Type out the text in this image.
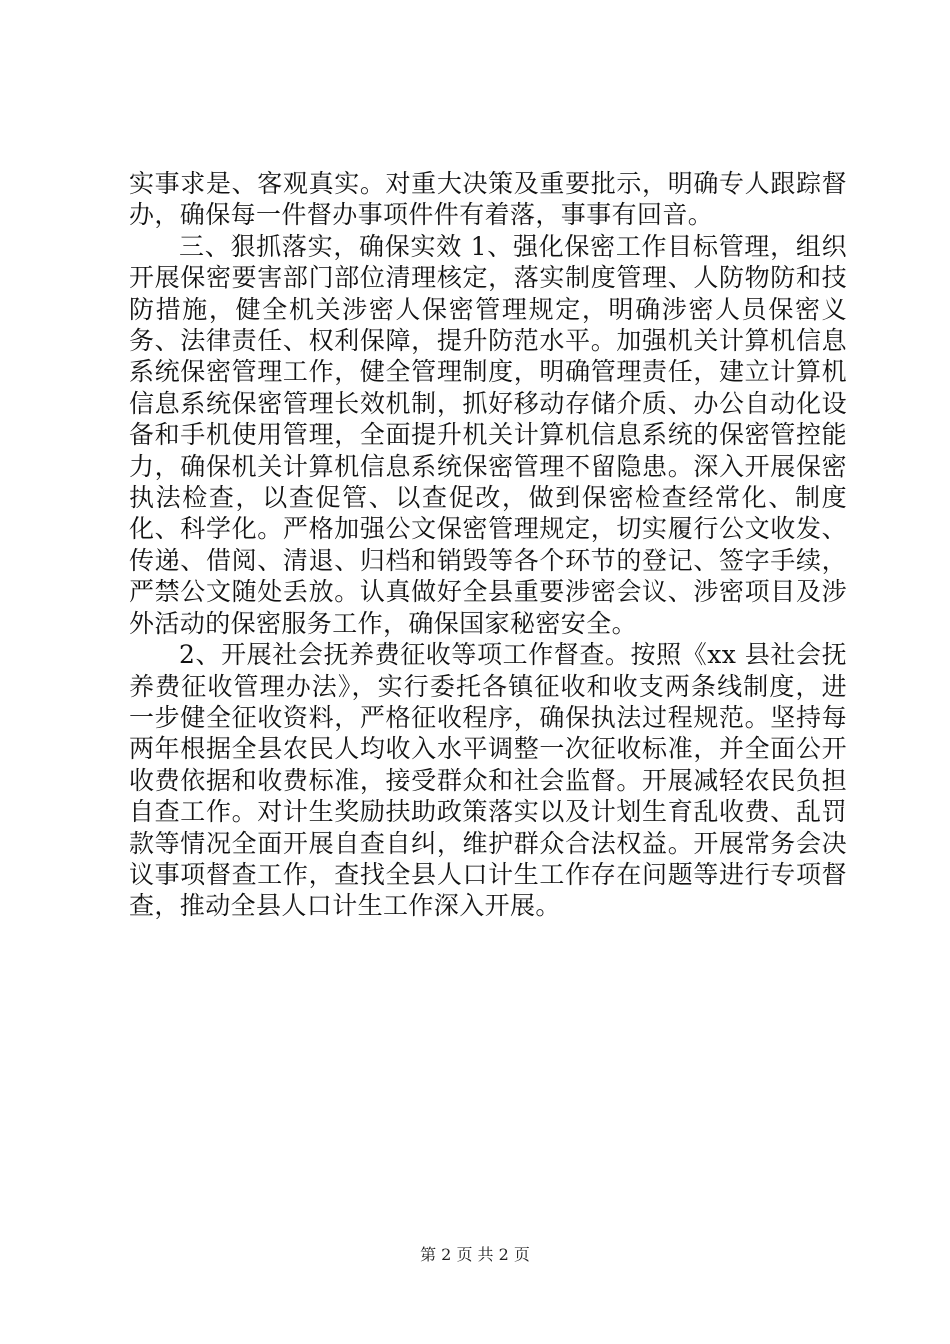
实事求是、客观真实。对重大决策及重要批示，明确专人跟踪督办，确保每一件督办事项件件有着落，事事有回音。

三、狠抓落实，确保实效 1、强化保密工作目标管理，组织开展保密要害部门部位清理核定，落实制度管理、人防物防和技防措施，健全机关涉密人保密管理规定，明确涉密人员保密义务、法律责任、权利保障，提升防范水平。加强机关计算机信息系统保密管理工作，健全管理制度，明确管理责任，建立计算机信息系统保密管理长效机制，抓好移动存储介质、办公自动化设备和手机使用管理，全面提升机关计算机信息系统的保密管控能力，确保机关计算机信息系统保密管理不留隐患。深入开展保密执法检查，以查促管、以查促改，做到保密检查经常化、制度化、科学化。严格加强公文保密管理规定，切实履行公文收发、传递、借阅、清退、归档和销毁等各个环节的登记、签字手续，严禁公文随处丢放。认真做好全县重要涉密会议、涉密项目及涉外活动的保密服务工作，确保国家秘密安全。

2、开展社会抚养费征收等项工作督查。按照《xx 县社会抚养费征收管理办法》，实行委托各镇征收和收支两条线制度，进一步健全征收资料，严格征收程序，确保执法过程规范。坚持每两年根据全县农民人均收入水平调整一次征收标准，并全面公开收费依据和收费标准，接受群众和社会监督。开展减轻农民负担自查工作。对计生奖励扶助政策落实以及计划生育乱收费、乱罚款等情况全面开展自查自纠，维护群众合法权益。开展常务会决议事项督查工作，查找全县人口计生工作存在问题等进行专项督查，推动全县人口计生工作深入开展。

第 2 页 共 2 页
